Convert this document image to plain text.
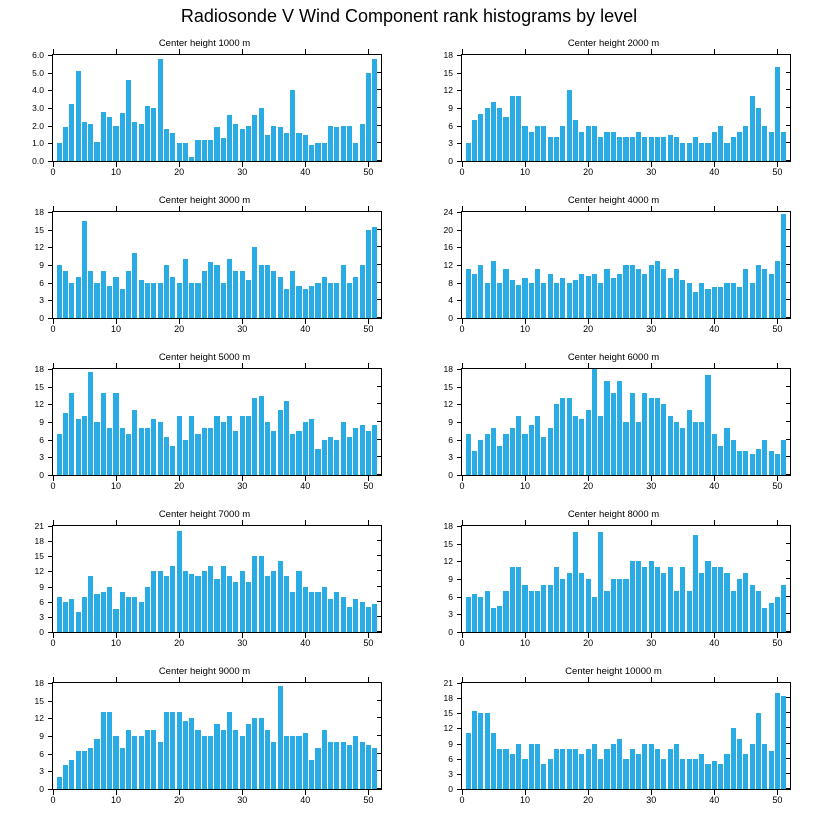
Radiosonde V Wind Component rank histograms by level
Center height 1000 m
0.0
1.0
2.0
3.0
4.0
5.0
6.0
0	10	20	30	40	50
Center height 2000 m
0
3
6
9
12
15
18
0	10	20	30	40	50
Center height 3000 m
0
3
6
9
12
15
18
0	10	20	30	40	50
Center height 4000 m
0
4
8
12
16
20
24
0	10	20	30	40	50
Center height 5000 m
0
3
6
9
12
15
18
0	10	20	30	40	50
Center height 6000 m
0
3
6
9
12
15
18
0	10	20	30	40	50
Center height 7000 m
0
3
6
9
12
15
18
21
0	10	20	30	40	50
Center height 8000 m
0
3
6
9
12
15
18
0	10	20	30	40	50
Center height 9000 m
0
3
6
9
12
15
18
0	10	20	30	40	50
Center height 10000 m
0
3
6
9
12
15
18
21
0	10	20	30	40	50
